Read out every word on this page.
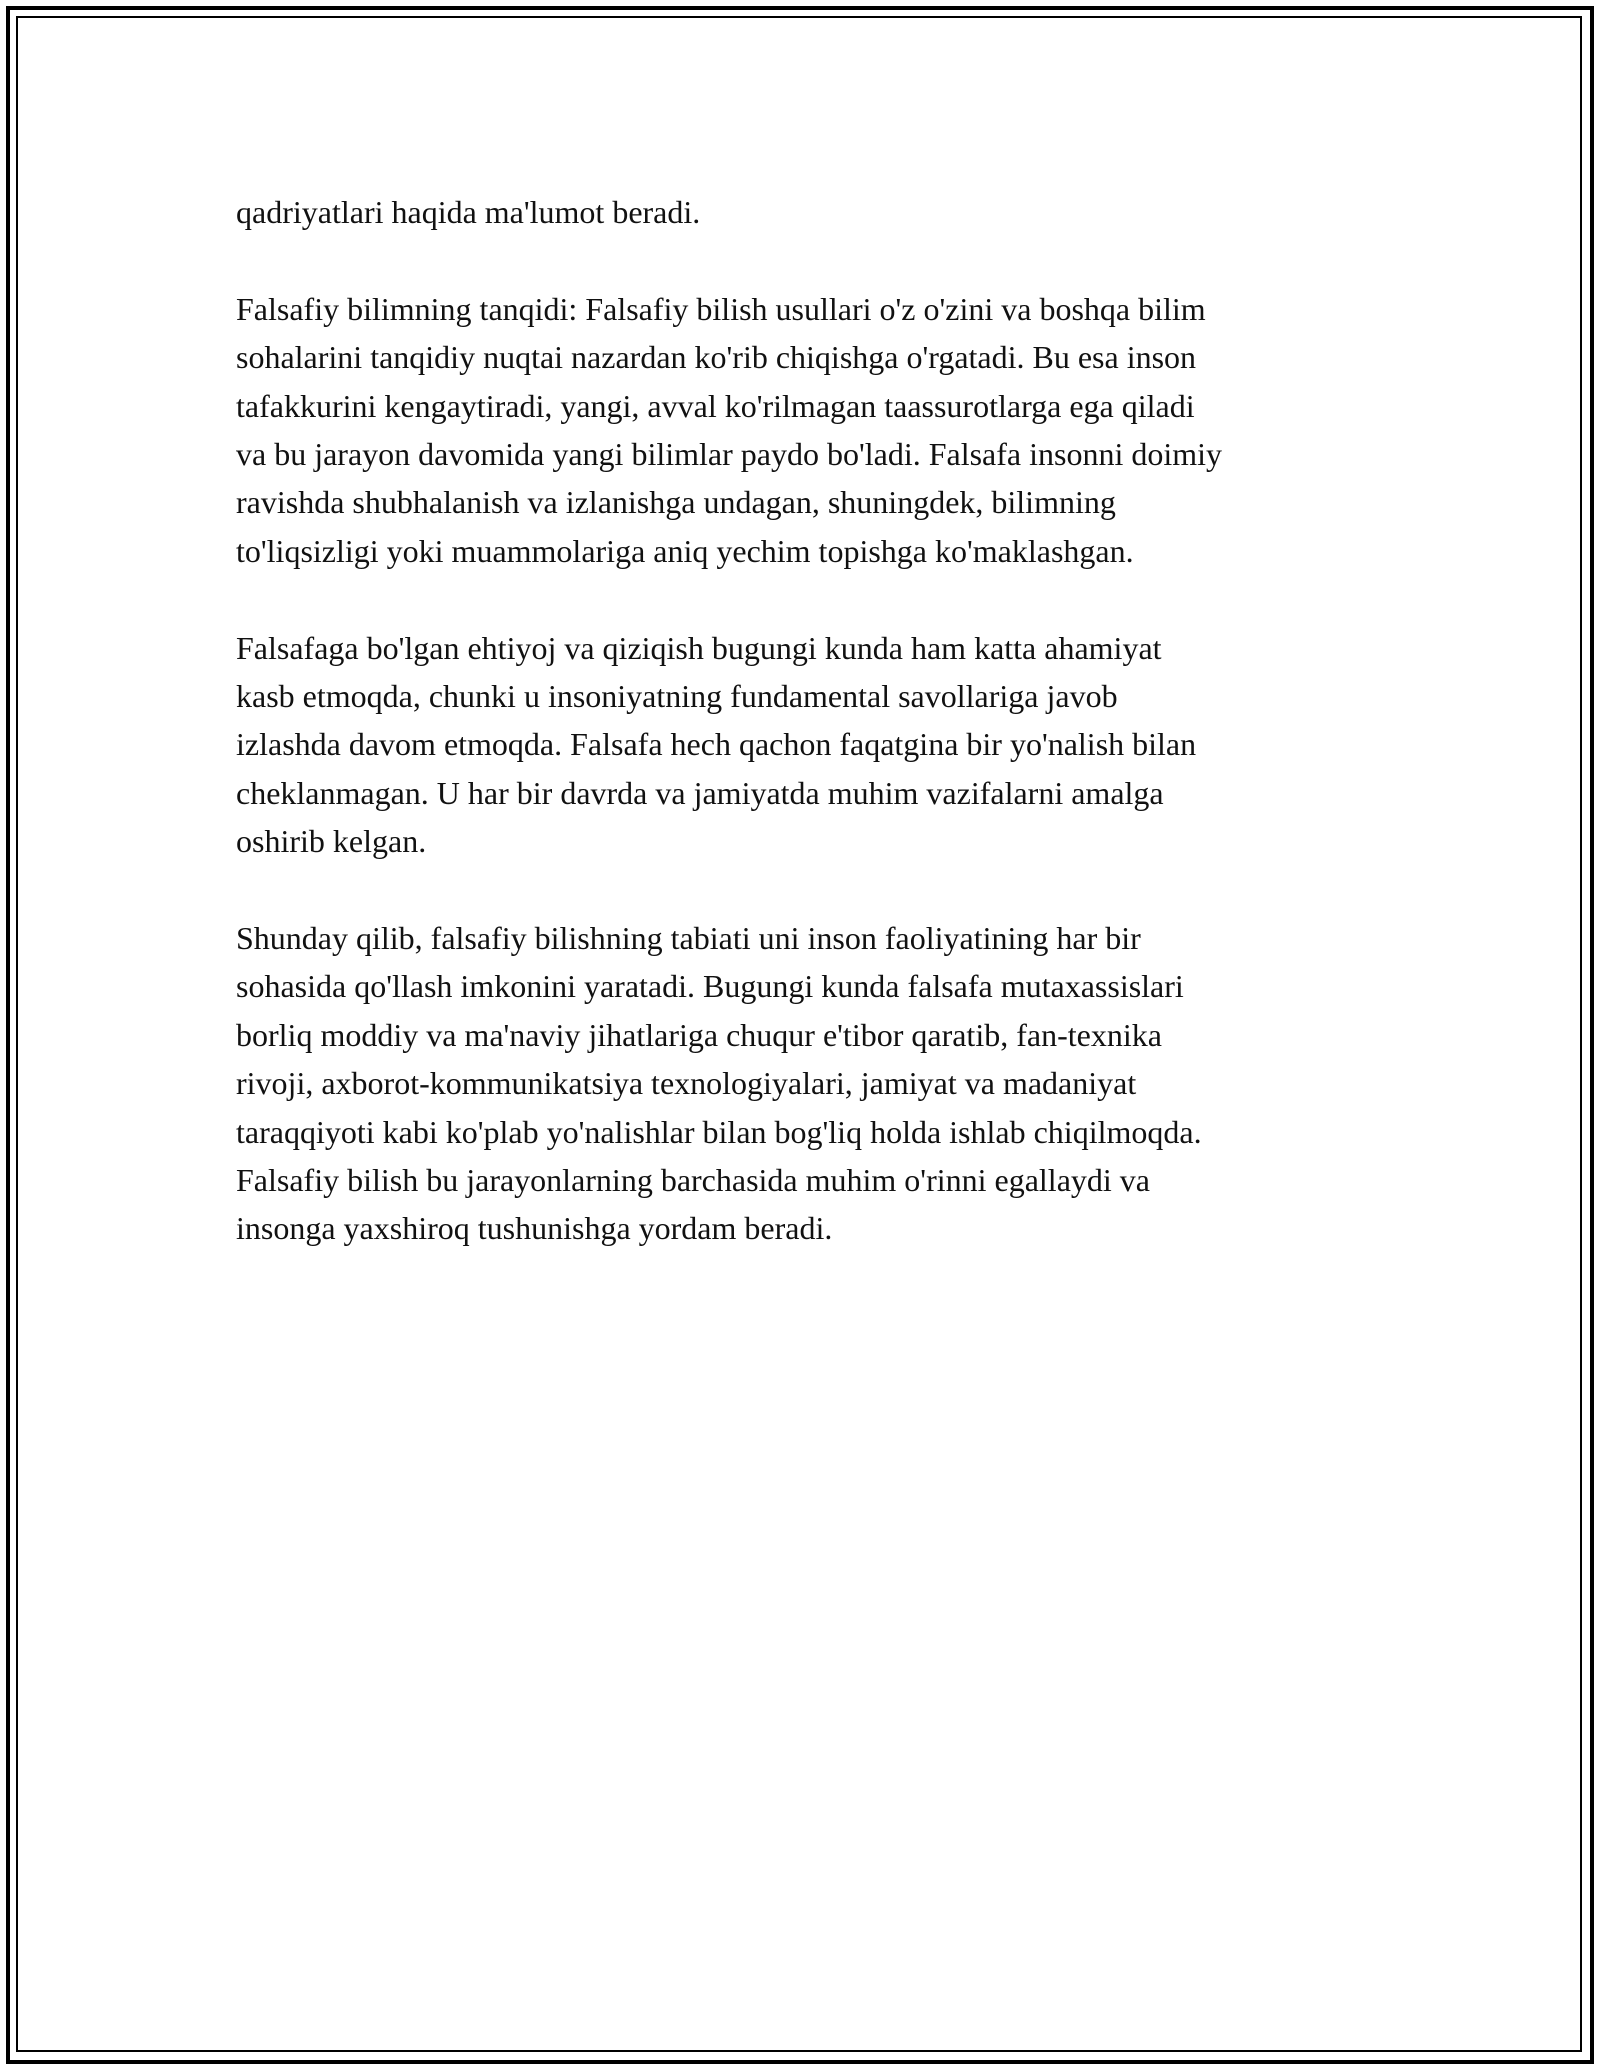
qadriyatlari haqida ma'lumot beradi.

Falsafiy bilimning tanqidi: Falsafiy bilish usullari o'z o'zini va boshqa bilim
sohalarini tanqidiy nuqtai nazardan ko'rib chiqishga o'rgatadi. Bu esa inson
tafakkurini kengaytiradi, yangi, avval ko'rilmagan taassurotlarga ega qiladi
va bu jarayon davomida yangi bilimlar paydo bo'ladi. Falsafa insonni doimiy
ravishda shubhalanish va izlanishga undagan, shuningdek, bilimning
to'liqsizligi yoki muammolariga aniq yechim topishga ko'maklashgan.

Falsafaga bo'lgan ehtiyoj va qiziqish bugungi kunda ham katta ahamiyat
kasb etmoqda, chunki u insoniyatning fundamental savollariga javob
izlashda davom etmoqda. Falsafa hech qachon faqatgina bir yo'nalish bilan
cheklanmagan. U har bir davrda va jamiyatda muhim vazifalarni amalga
oshirib kelgan.

Shunday qilib, falsafiy bilishning tabiati uni inson faoliyatining har bir
sohasida qo'llash imkonini yaratadi. Bugungi kunda falsafa mutaxassislari
borliq moddiy va ma'naviy jihatlariga chuqur e'tibor qaratib, fan-texnika
rivoji, axborot-kommunikatsiya texnologiyalari, jamiyat va madaniyat
taraqqiyoti kabi ko'plab yo'nalishlar bilan bog'liq holda ishlab chiqilmoqda.
Falsafiy bilish bu jarayonlarning barchasida muhim o'rinni egallaydi va
insonga yaxshiroq tushunishga yordam beradi.
